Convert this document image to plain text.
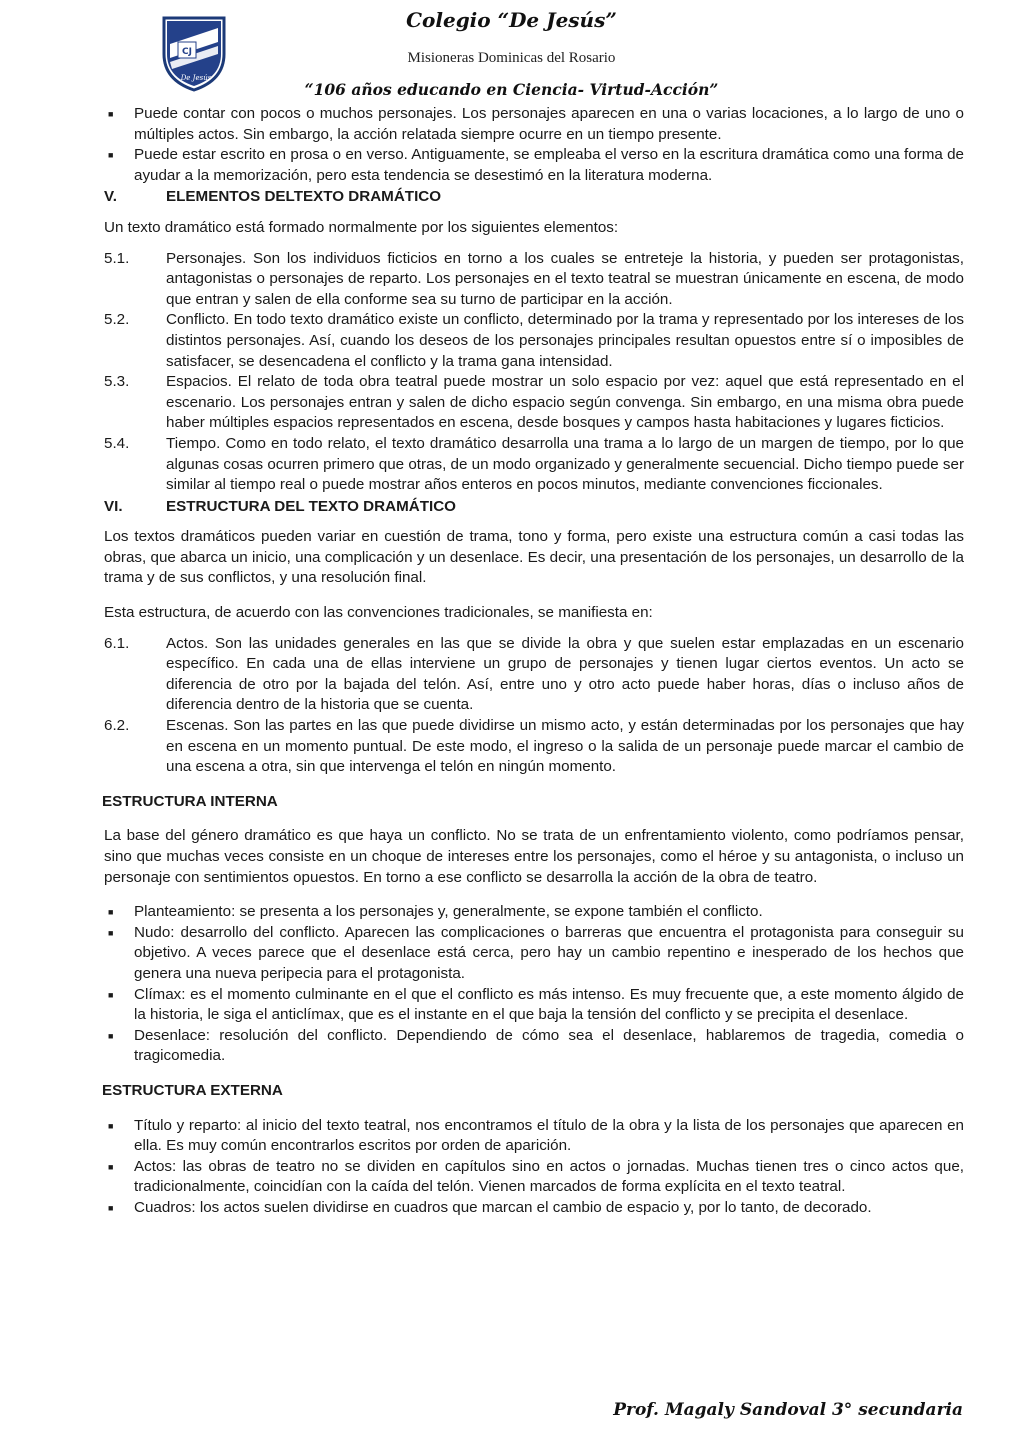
CJ
De Jesús
Colegio “De Jesús”
Misioneras Dominicas del Rosario
“106 años educando en Ciencia- Virtud-Acción”
■ Puede contar con pocos o muchos personajes. Los personajes aparecen en una o varias locaciones, a lo largo de uno o múltiples actos. Sin embargo, la acción relatada siempre ocurre en un tiempo presente.
■ Puede estar escrito en prosa o en verso. Antiguamente, se empleaba el verso en la escritura dramática como una forma de ayudar a la memorización, pero esta tendencia se desestimó en la literatura moderna.
V.	ELEMENTOS DELTEXTO DRAMÁTICO

Un texto dramático está formado normalmente por los siguientes elementos:

5.1.	Personajes. Son los individuos ficticios en torno a los cuales se entreteje la historia, y pueden ser protagonistas, antagonistas o personajes de reparto. Los personajes en el texto teatral se muestran únicamente en escena, de modo que entran y salen de ella conforme sea su turno de participar en la acción.
5.2.	Conflicto. En todo texto dramático existe un conflicto, determinado por la trama y representado por los intereses de los distintos personajes. Así, cuando los deseos de los personajes principales resultan opuestos entre sí o imposibles de satisfacer, se desencadena el conflicto y la trama gana intensidad.
5.3.	Espacios. El relato de toda obra teatral puede mostrar un solo espacio por vez: aquel que está representado en el escenario. Los personajes entran y salen de dicho espacio según convenga. Sin embargo, en una misma obra puede haber múltiples espacios representados en escena, desde bosques y campos hasta habitaciones y lugares ficticios.
5.4.	Tiempo. Como en todo relato, el texto dramático desarrolla una trama a lo largo de un margen de tiempo, por lo que algunas cosas ocurren primero que otras, de un modo organizado y generalmente secuencial. Dicho tiempo puede ser similar al tiempo real o puede mostrar años enteros en pocos minutos, mediante convenciones ficcionales.
VI.	ESTRUCTURA DEL TEXTO DRAMÁTICO

Los textos dramáticos pueden variar en cuestión de trama, tono y forma, pero existe una estructura común a casi todas las obras, que abarca un inicio, una complicación y un desenlace. Es decir, una presentación de los personajes, un desarrollo de la trama y de sus conflictos, y una resolución final.

Esta estructura, de acuerdo con las convenciones tradicionales, se manifiesta en:

6.1.	Actos. Son las unidades generales en las que se divide la obra y que suelen estar emplazadas en un escenario específico. En cada una de ellas interviene un grupo de personajes y tienen lugar ciertos eventos. Un acto se diferencia de otro por la bajada del telón. Así, entre uno y otro acto puede haber horas, días o incluso años de diferencia dentro de la historia que se cuenta.
6.2.	Escenas. Son las partes en las que puede dividirse un mismo acto, y están determinadas por los personajes que hay en escena en un momento puntual. De este modo, el ingreso o la salida de un personaje puede marcar el cambio de una escena a otra, sin que intervenga el telón en ningún momento.
ESTRUCTURA INTERNA

La base del género dramático es que haya un conflicto. No se trata de un enfrentamiento violento, como podríamos pensar, sino que muchas veces consiste en un choque de intereses entre los personajes, como el héroe y su antagonista, o incluso un personaje con sentimientos opuestos. En torno a ese conflicto se desarrolla la acción de la obra de teatro.

■ Planteamiento: se presenta a los personajes y, generalmente, se expone también el conflicto.
■ Nudo: desarrollo del conflicto. Aparecen las complicaciones o barreras que encuentra el protagonista para conseguir su objetivo. A veces parece que el desenlace está cerca, pero hay un cambio repentino e inesperado de los hechos que genera una nueva peripecia para el protagonista.
■ Clímax: es el momento culminante en el que el conflicto es más intenso. Es muy frecuente que, a este momento álgido de la historia, le siga el anticlímax, que es el instante en el que baja la tensión del conflicto y se precipita el desenlace.
■ Desenlace: resolución del conflicto. Dependiendo de cómo sea el desenlace, hablaremos de tragedia, comedia o tragicomedia.
ESTRUCTURA EXTERNA
■ Título y reparto: al inicio del texto teatral, nos encontramos el título de la obra y la lista de los personajes que aparecen en ella. Es muy común encontrarlos escritos por orden de aparición.
■ Actos: las obras de teatro no se dividen en capítulos sino en actos o jornadas. Muchas tienen tres o cinco actos que, tradicionalmente, coincidían con la caída del telón. Vienen marcados de forma explícita en el texto teatral.
■ Cuadros: los actos suelen dividirse en cuadros que marcan el cambio de espacio y, por lo tanto, de decorado.
Prof. Magaly Sandoval 3° secundaria
